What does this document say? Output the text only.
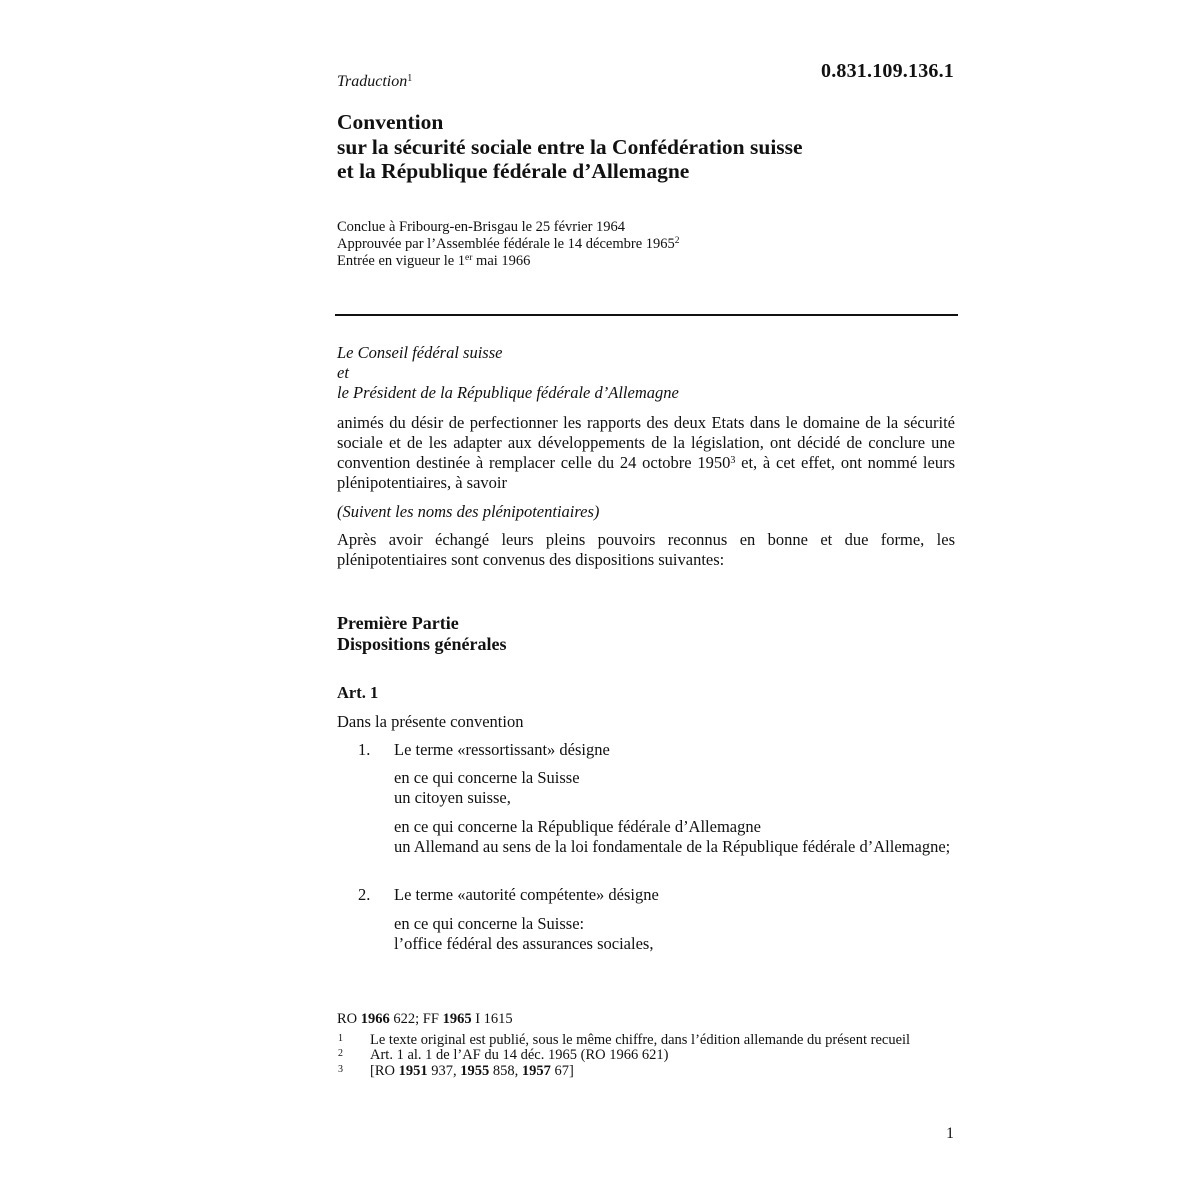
0.831.109.136.1
Traduction$^1$
Convention
sur la sécurité sociale entre la Confédération suisse
et la République fédérale d’Allemagne
Conclue à Fribourg-en-Brisgau le 25 février 1964
Approuvée par l’Assemblée fédérale le 14 décembre 1965$^2$
Entrée en vigueur le 1er mai 1966
Le Conseil fédéral suisse
et
le Président de la République fédérale d’Allemagne
animés du désir de perfectionner les rapports des deux Etats dans le domaine de la sécurité sociale et de les adapter aux développements de la législation, ont décidé de conclure une convention destinée à remplacer celle du 24 octobre 1950$^3$ et, à cet effet, ont nommé leurs plénipotentiaires, à savoir
(Suivent les noms des plénipotentiaires)
Après avoir échangé leurs pleins pouvoirs reconnus en bonne et due forme, les plénipotentiaires sont convenus des dispositions suivantes:
Première Partie
Dispositions générales
Art. 1
Dans la présente convention
1. Le terme «ressortissant» désigne
en ce qui concerne la Suisse
un citoyen suisse,
en ce qui concerne la République fédérale d’Allemagne
un Allemand au sens de la loi fondamentale de la République fédérale d’Allemagne;
2. Le terme «autorité compétente» désigne
en ce qui concerne la Suisse:
l’office fédéral des assurances sociales,
RO 1966 622; FF 1965 I 1615
1 Le texte original est publié, sous le même chiffre, dans l’édition allemande du présent recueil
2 Art. 1 al. 1 de l’AF du 14 déc. 1965 (RO 1966 621)
3 [RO 1951 937, 1955 858, 1957 67]
1
